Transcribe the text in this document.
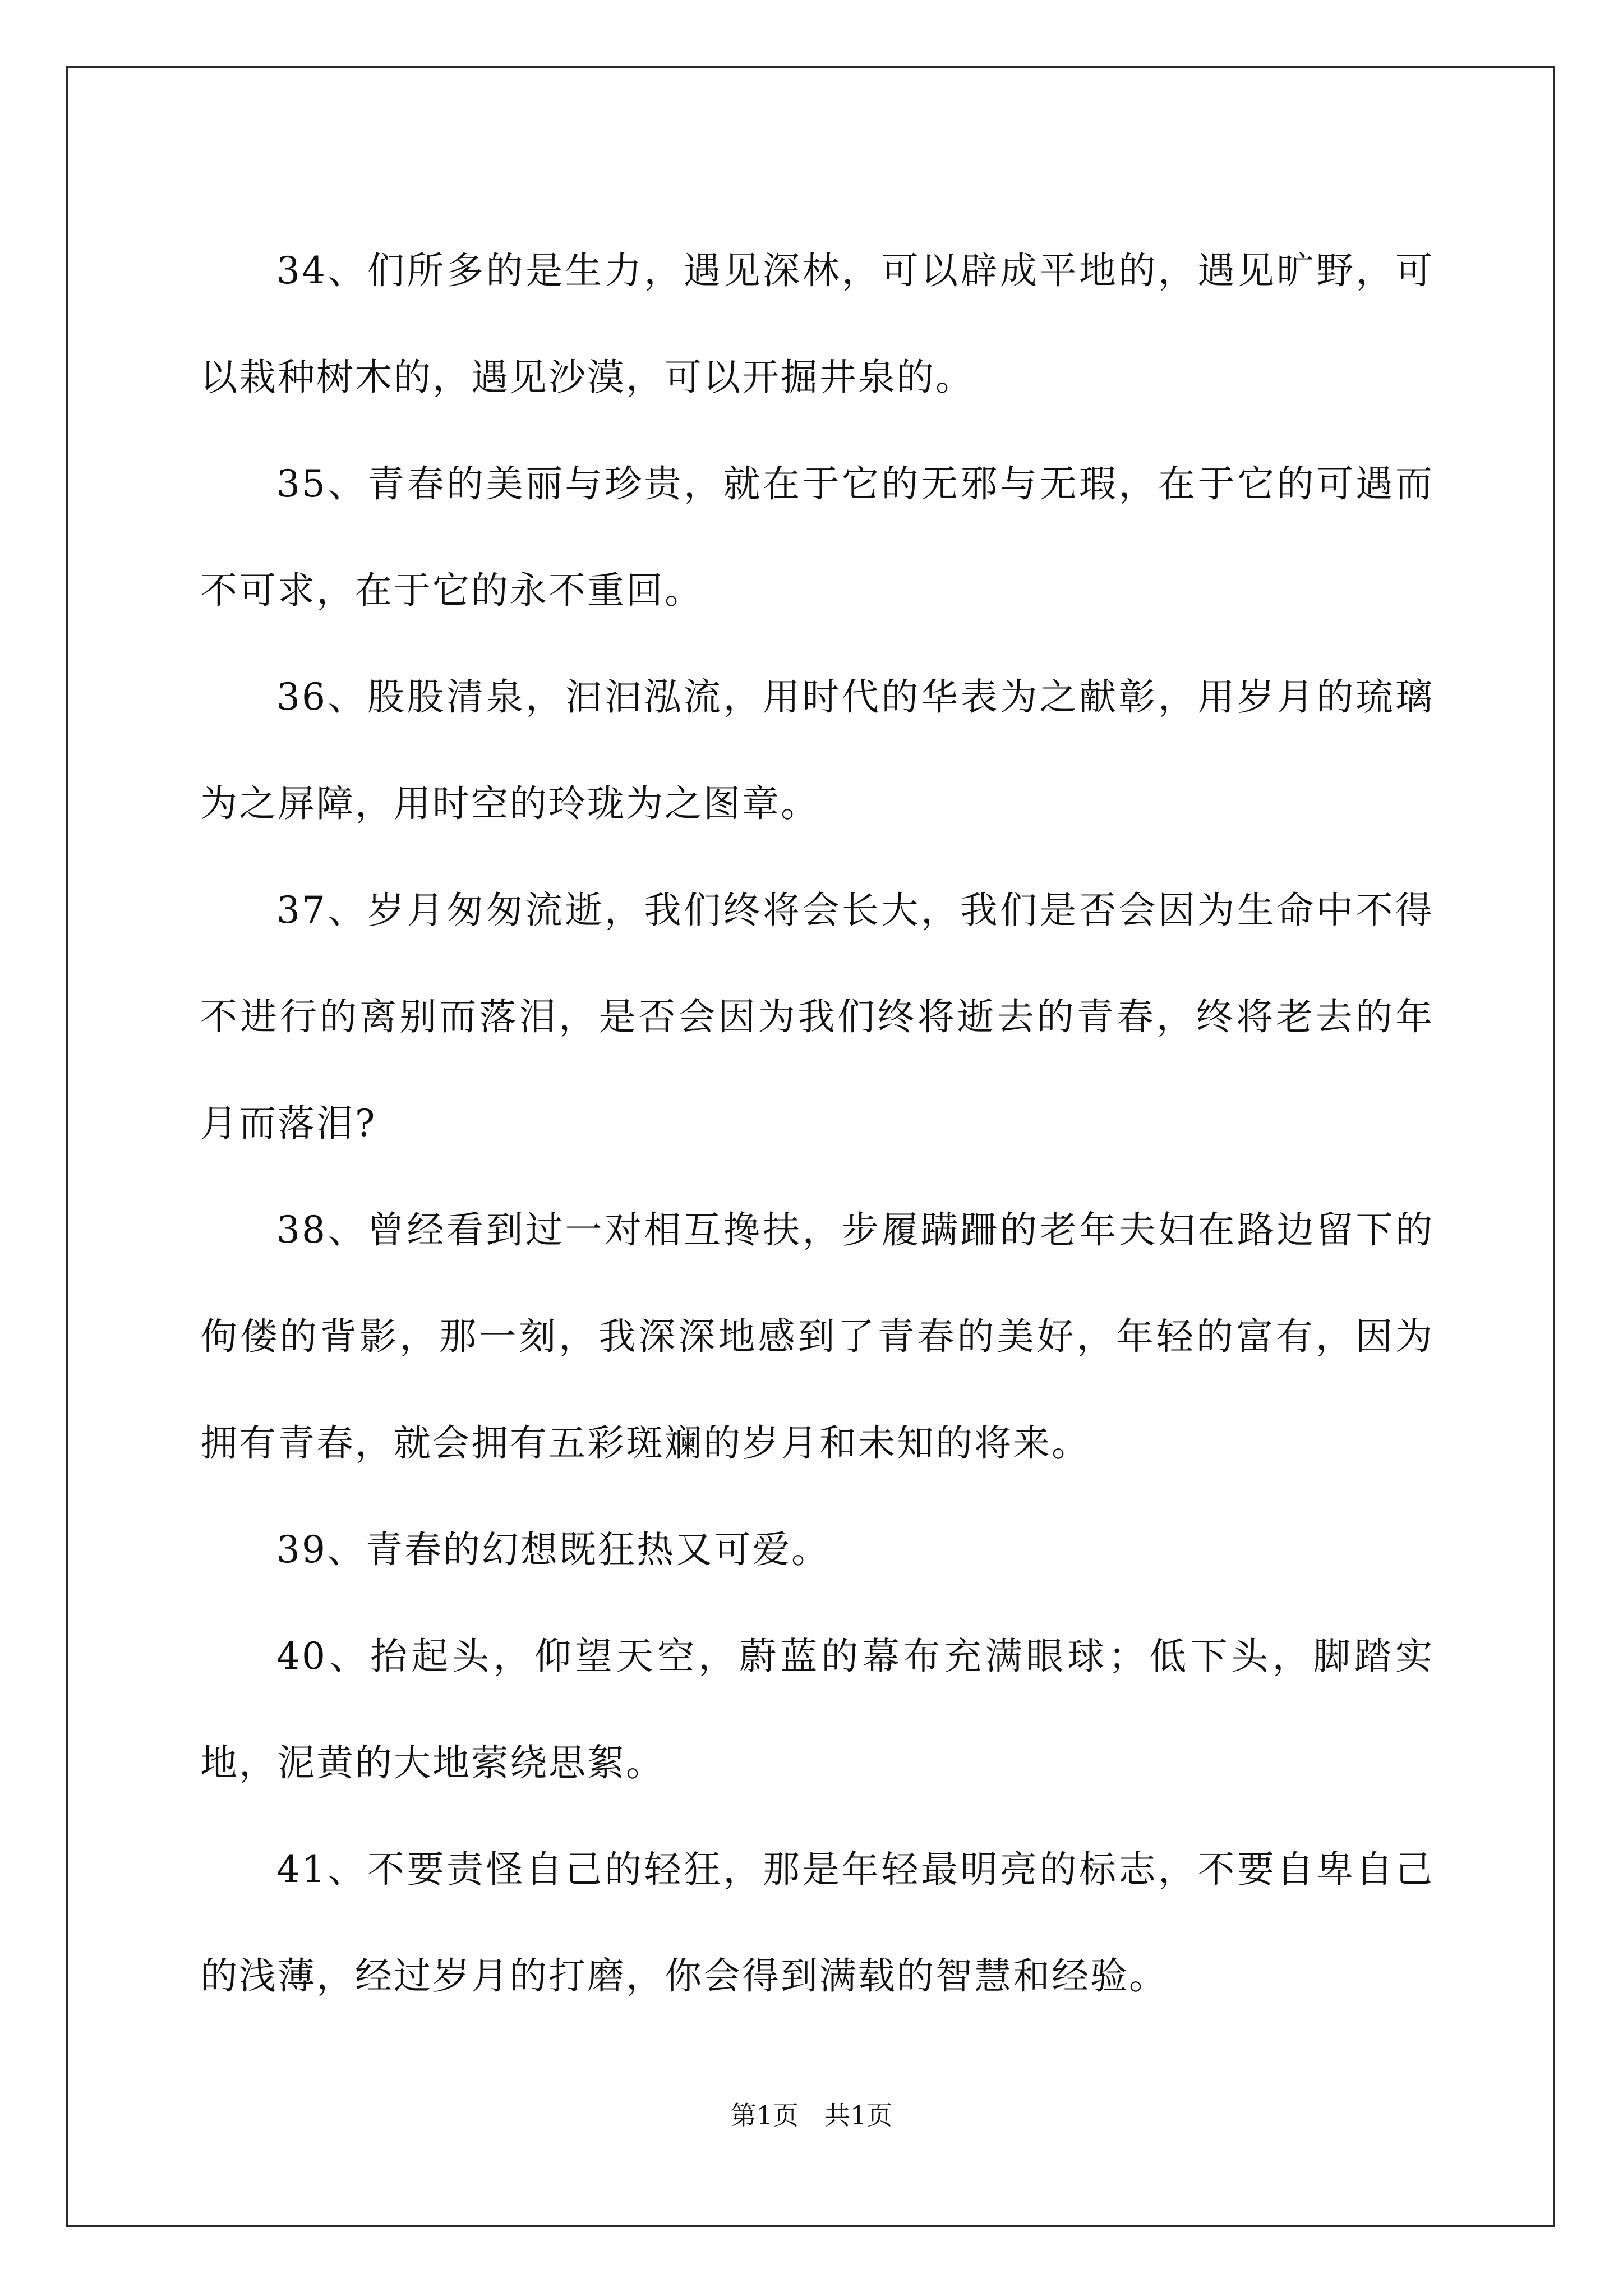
34、们所多的是生力，遇见深林，可以辟成平地的，遇见旷野，可以栽种树木的，遇见沙漠，可以开掘井泉的。

35、青春的美丽与珍贵，就在于它的无邪与无瑕，在于它的可遇而不可求，在于它的永不重回。

36、股股清泉，汩汩泓流，用时代的华表为之献彰，用岁月的琉璃为之屏障，用时空的玲珑为之图章。

37、岁月匆匆流逝，我们终将会长大，我们是否会因为生命中不得不进行的离别而落泪，是否会因为我们终将逝去的青春，终将老去的年月而落泪?

38、曾经看到过一对相互搀扶，步履蹒跚的老年夫妇在路边留下的佝偻的背影，那一刻，我深深地感到了青春的美好，年轻的富有，因为拥有青春，就会拥有五彩斑斓的岁月和未知的将来。

39、青春的幻想既狂热又可爱。

40、抬起头，仰望天空，蔚蓝的幕布充满眼球；低下头，脚踏实地，泥黄的大地萦绕思絮。

41、不要责怪自己的轻狂，那是年轻最明亮的标志，不要自卑自己的浅薄，经过岁月的打磨，你会得到满载的智慧和经验。

第1页 共1页
